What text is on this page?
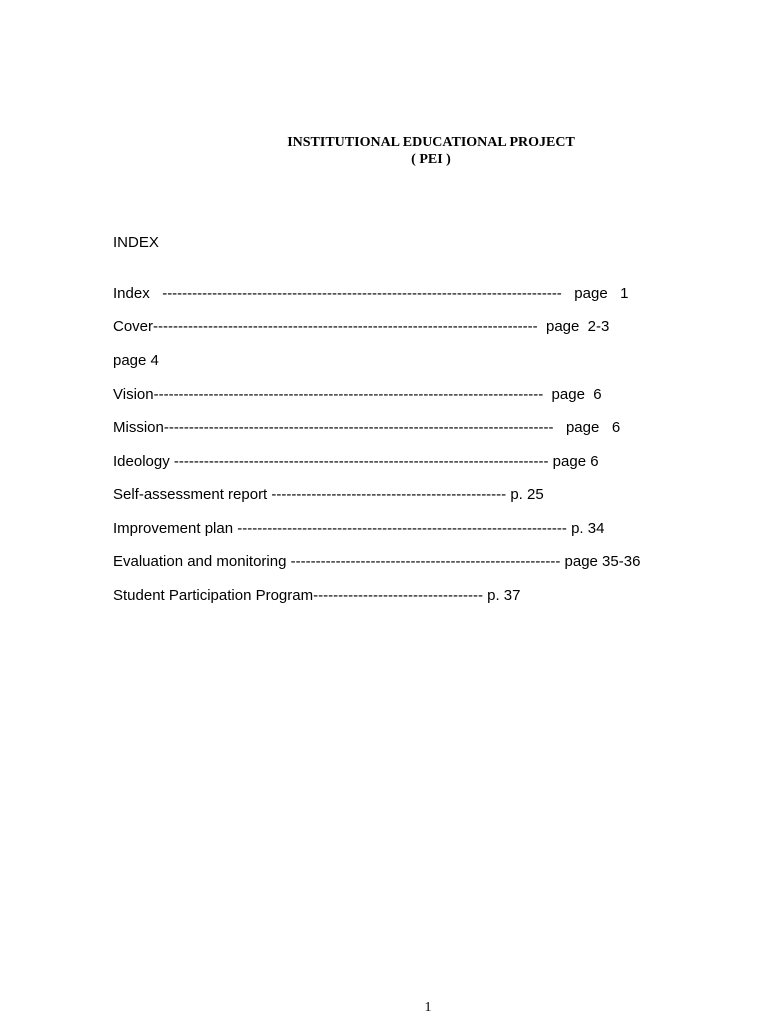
INSTITUTIONAL EDUCATIONAL PROJECT
( PEI )
INDEX
Index   --------------------------------------------------------------------------------   page   1
Cover-----------------------------------------------------------------------------  page  2-3
page 4
Vision------------------------------------------------------------------------------  page  6
Mission------------------------------------------------------------------------------   page   6
Ideology --------------------------------------------------------------------------- page 6
Self-assessment report ----------------------------------------------- p. 25
Improvement plan ------------------------------------------------------------------ p. 34
Evaluation and monitoring ------------------------------------------------------ page 35-36
Student Participation Program---------------------------------- p. 37
1
